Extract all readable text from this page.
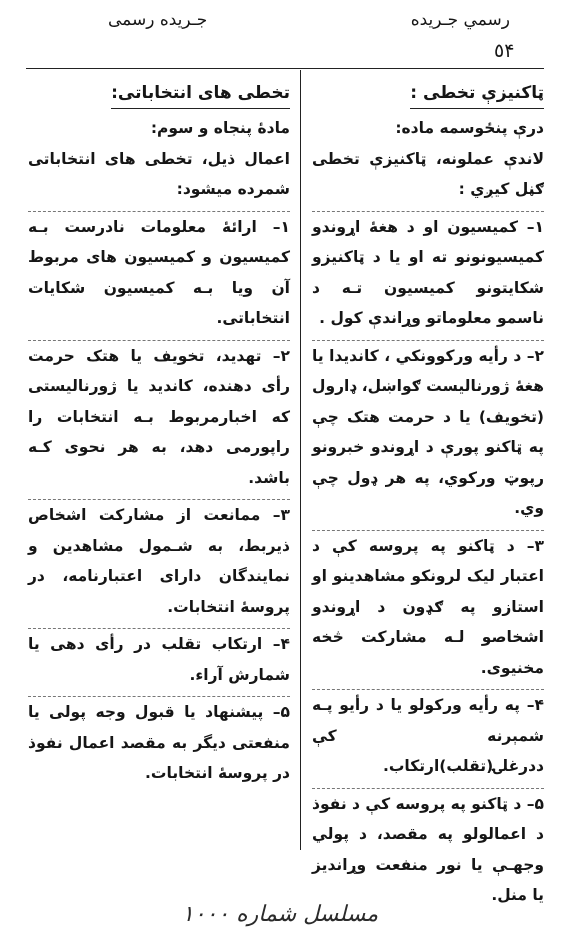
جـريده رسمى	رسمي جـريده
٥۴
ټاکنیزې تخطی :

درې پنځوسمه ماده:

لاندې عملونه، ټاکنیزې تخطی ګڼل کیږي :

۱– کمیسیون او د هغهٔ اړوندو کمیسیونونو ته او یا د ټاکنیزو شکایتونو کمیسیون تـه د ناسمو معلوماتو وړاندې کول .

۲– د رأیه ورکوونکي ، کاندیدا یا هغهٔ ژورنالیست ګواښل، ډارول (تخویف) یا د حرمت هتک چې په ټاکنو پورې د اړوندو خبرونو رپوټ ورکوي، په هر ډول چې وي.

۳– د ټاکنو په پروسه کې د اعتبار لیک لرونکو مشاهدینو او استازو په ګډون د اړوندو اشخاصو لـه مشارکت څخه مخنیوی.

۴– په رأیه ورکولو یا د رأیو پـه شمېرنه کې ددرغلۍ(تقلب)ارتکاب.

۵– د ټاکنو په پروسه کې د نفوذ د اعمالولو په مقصد، د پولي وجهـې یا نور منفعت وړاندیز یا منل.

تخطی های انتخاباتی:

مادهٔ پنجاه و سوم:

اعمال ذیل، تخطی های انتخاباتی شمرده میشود:

۱– ارائهٔ معلومات نادرست بـه کمیسیون و کمیسیون های مربوط آن ویا بـه کمیسیون شکایات انتخاباتی.

۲– تهدید، تخویف یا هتک حرمت رأی دهنده، کاندید یا ژورنالیستی که اخبارمربوط بـه انتخابات را راپورمی دهد، به هر نحوی کـه باشد.

۳– ممانعت از مشارکت اشخاص ذیربط، به شـمول مشاهدین و نمایندگان دارای اعتبارنامه، در پروسهٔ انتخابات.

۴– ارتکاب تقلب در رأی دهی یا شمارش آراء.

۵– پیشنهاد یا قبول وجه پولی یا منفعتی دیگر به مقصد اعمال نفوذ در پروسهٔ انتخابات.

مسلسل شماره ۱۰۰۰
